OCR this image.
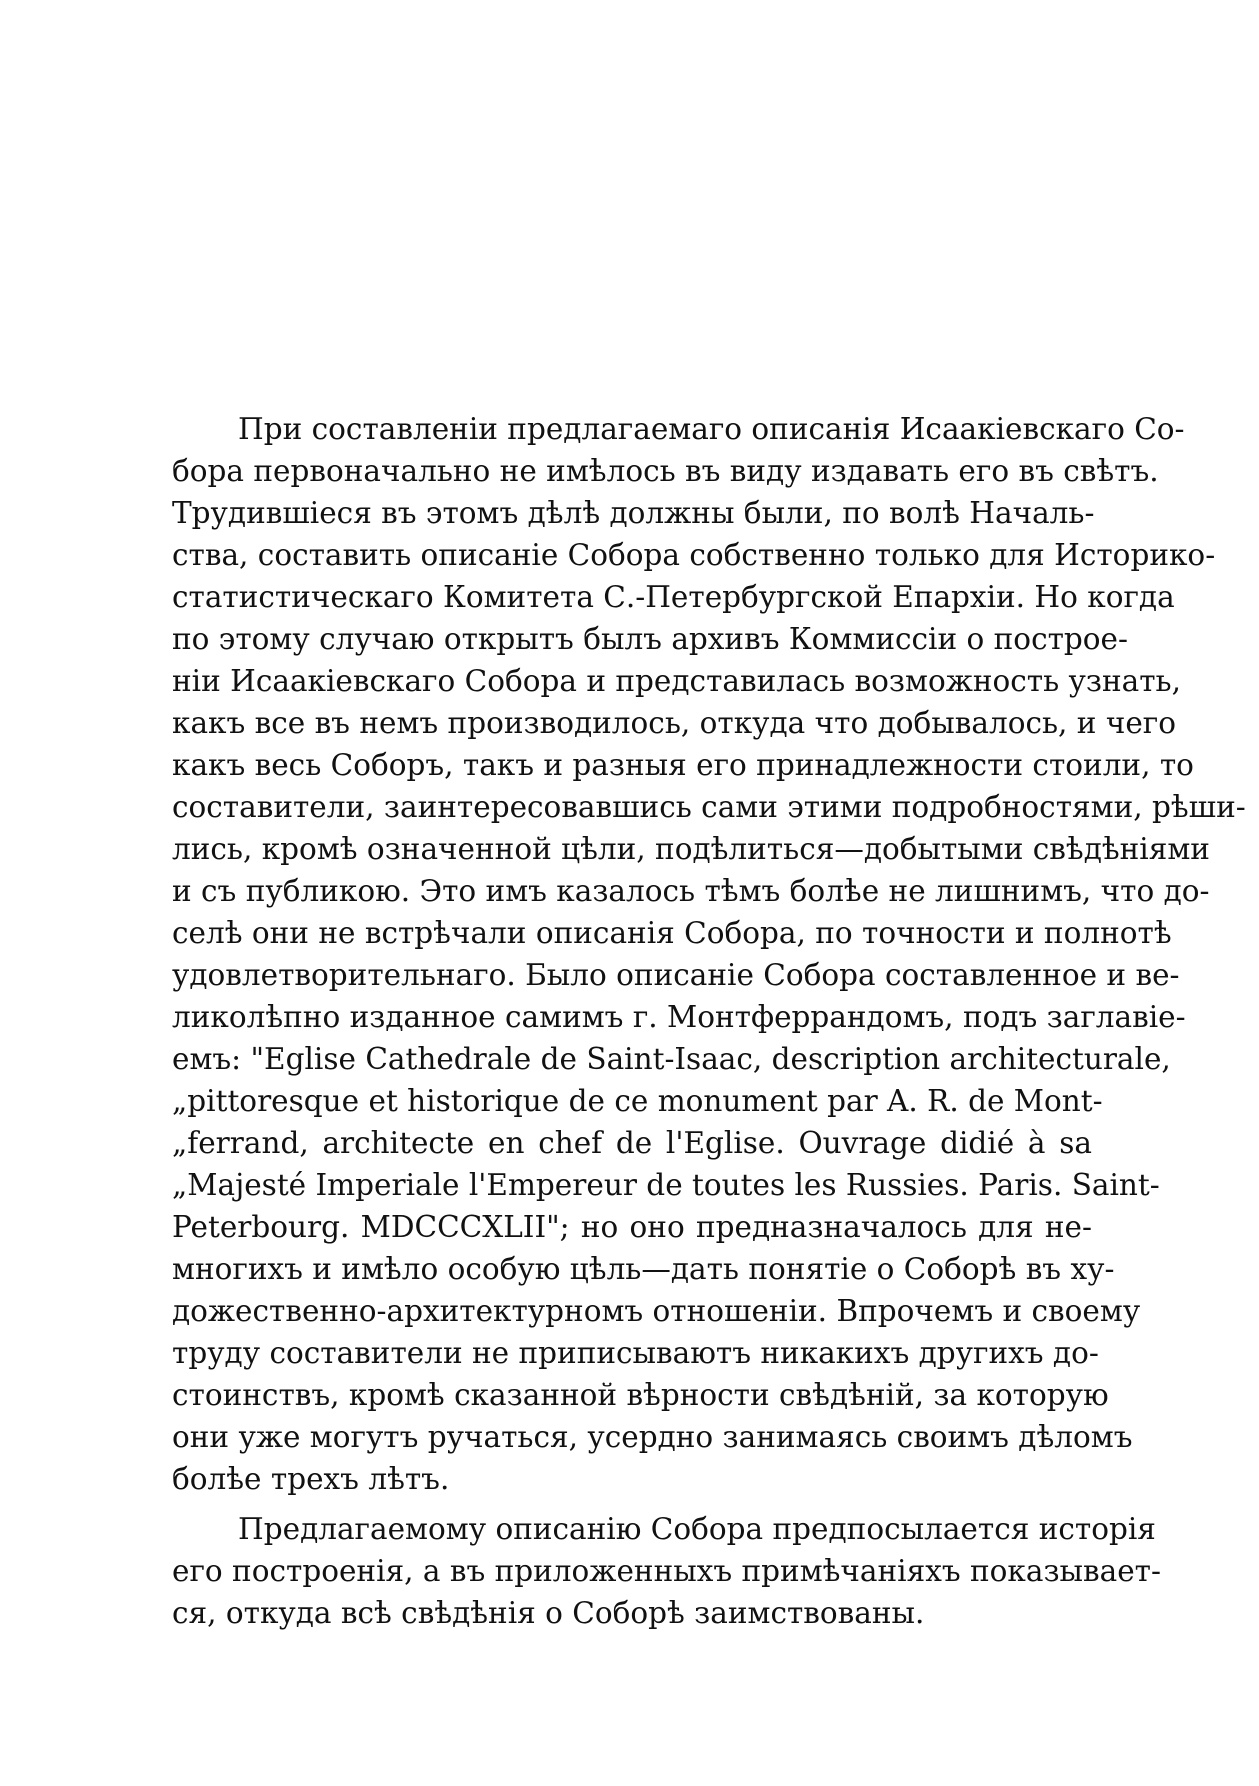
При составленіи предлагаемаго описанія Исаакіевскаго Со-
бора первоначально не имѣлось въ виду издавать его въ свѣтъ.
Трудившіеся въ этомъ дѣлѣ должны были, по волѣ Началь-
ства, составить описаніе Собора собственно только для Историко-
статистическаго Комитета С.-Петербургской Епархіи. Но когда
по этому случаю открытъ былъ архивъ Коммиссіи о построе-
ніи Исаакіевскаго Собора и представилась возможность узнать,
какъ все въ немъ производилось, откуда что добывалось, и чего
какъ весь Соборъ, такъ и разныя его принадлежности стоили, то
составители, заинтересовавшись сами этими подробностями, рѣши-
лись, кромѣ означенной цѣли, подѣлиться—добытыми свѣдѣніями
и съ публикою. Это имъ казалось тѣмъ болѣе не лишнимъ, что до-
селѣ они не встрѣчали описанія Собора, по точности и полнотѣ
удовлетворительнаго. Было описаніе Собора составленное и ве-
ликолѣпно изданное самимъ г. Монтферрандомъ, подъ заглавіе-
емъ: "Eglise Cathedrale de Saint-Isaac, description architecturale,
„pittoresque et historique de ce monument par A. R. de Mont-
„ferrand, architecte en chef de l'Eglise. Ouvrage didié à sa
„Majesté Imperiale l'Empereur de toutes les Russies. Paris. Saint-
Peterbourg. MDCCCXLII"; но оно предназначалось для не-
многихъ и имѣло особую цѣль—дать понятіе о Соборѣ въ ху-
дожественно-архитектурномъ отношеніи. Впрочемъ и своему
труду составители не приписываютъ никакихъ другихъ до-
стоинствъ, кромѣ сказанной вѣрности свѣдѣній, за которую
они уже могутъ ручаться, усердно занимаясь своимъ дѣломъ
болѣе трехъ лѣтъ.
Предлагаемому описанію Собора предпосылается исторія
его построенія, а въ приложенныхъ примѣчаніяхъ показывает-
ся, откуда всѣ свѣдѣнія о Соборѣ заимствованы.
